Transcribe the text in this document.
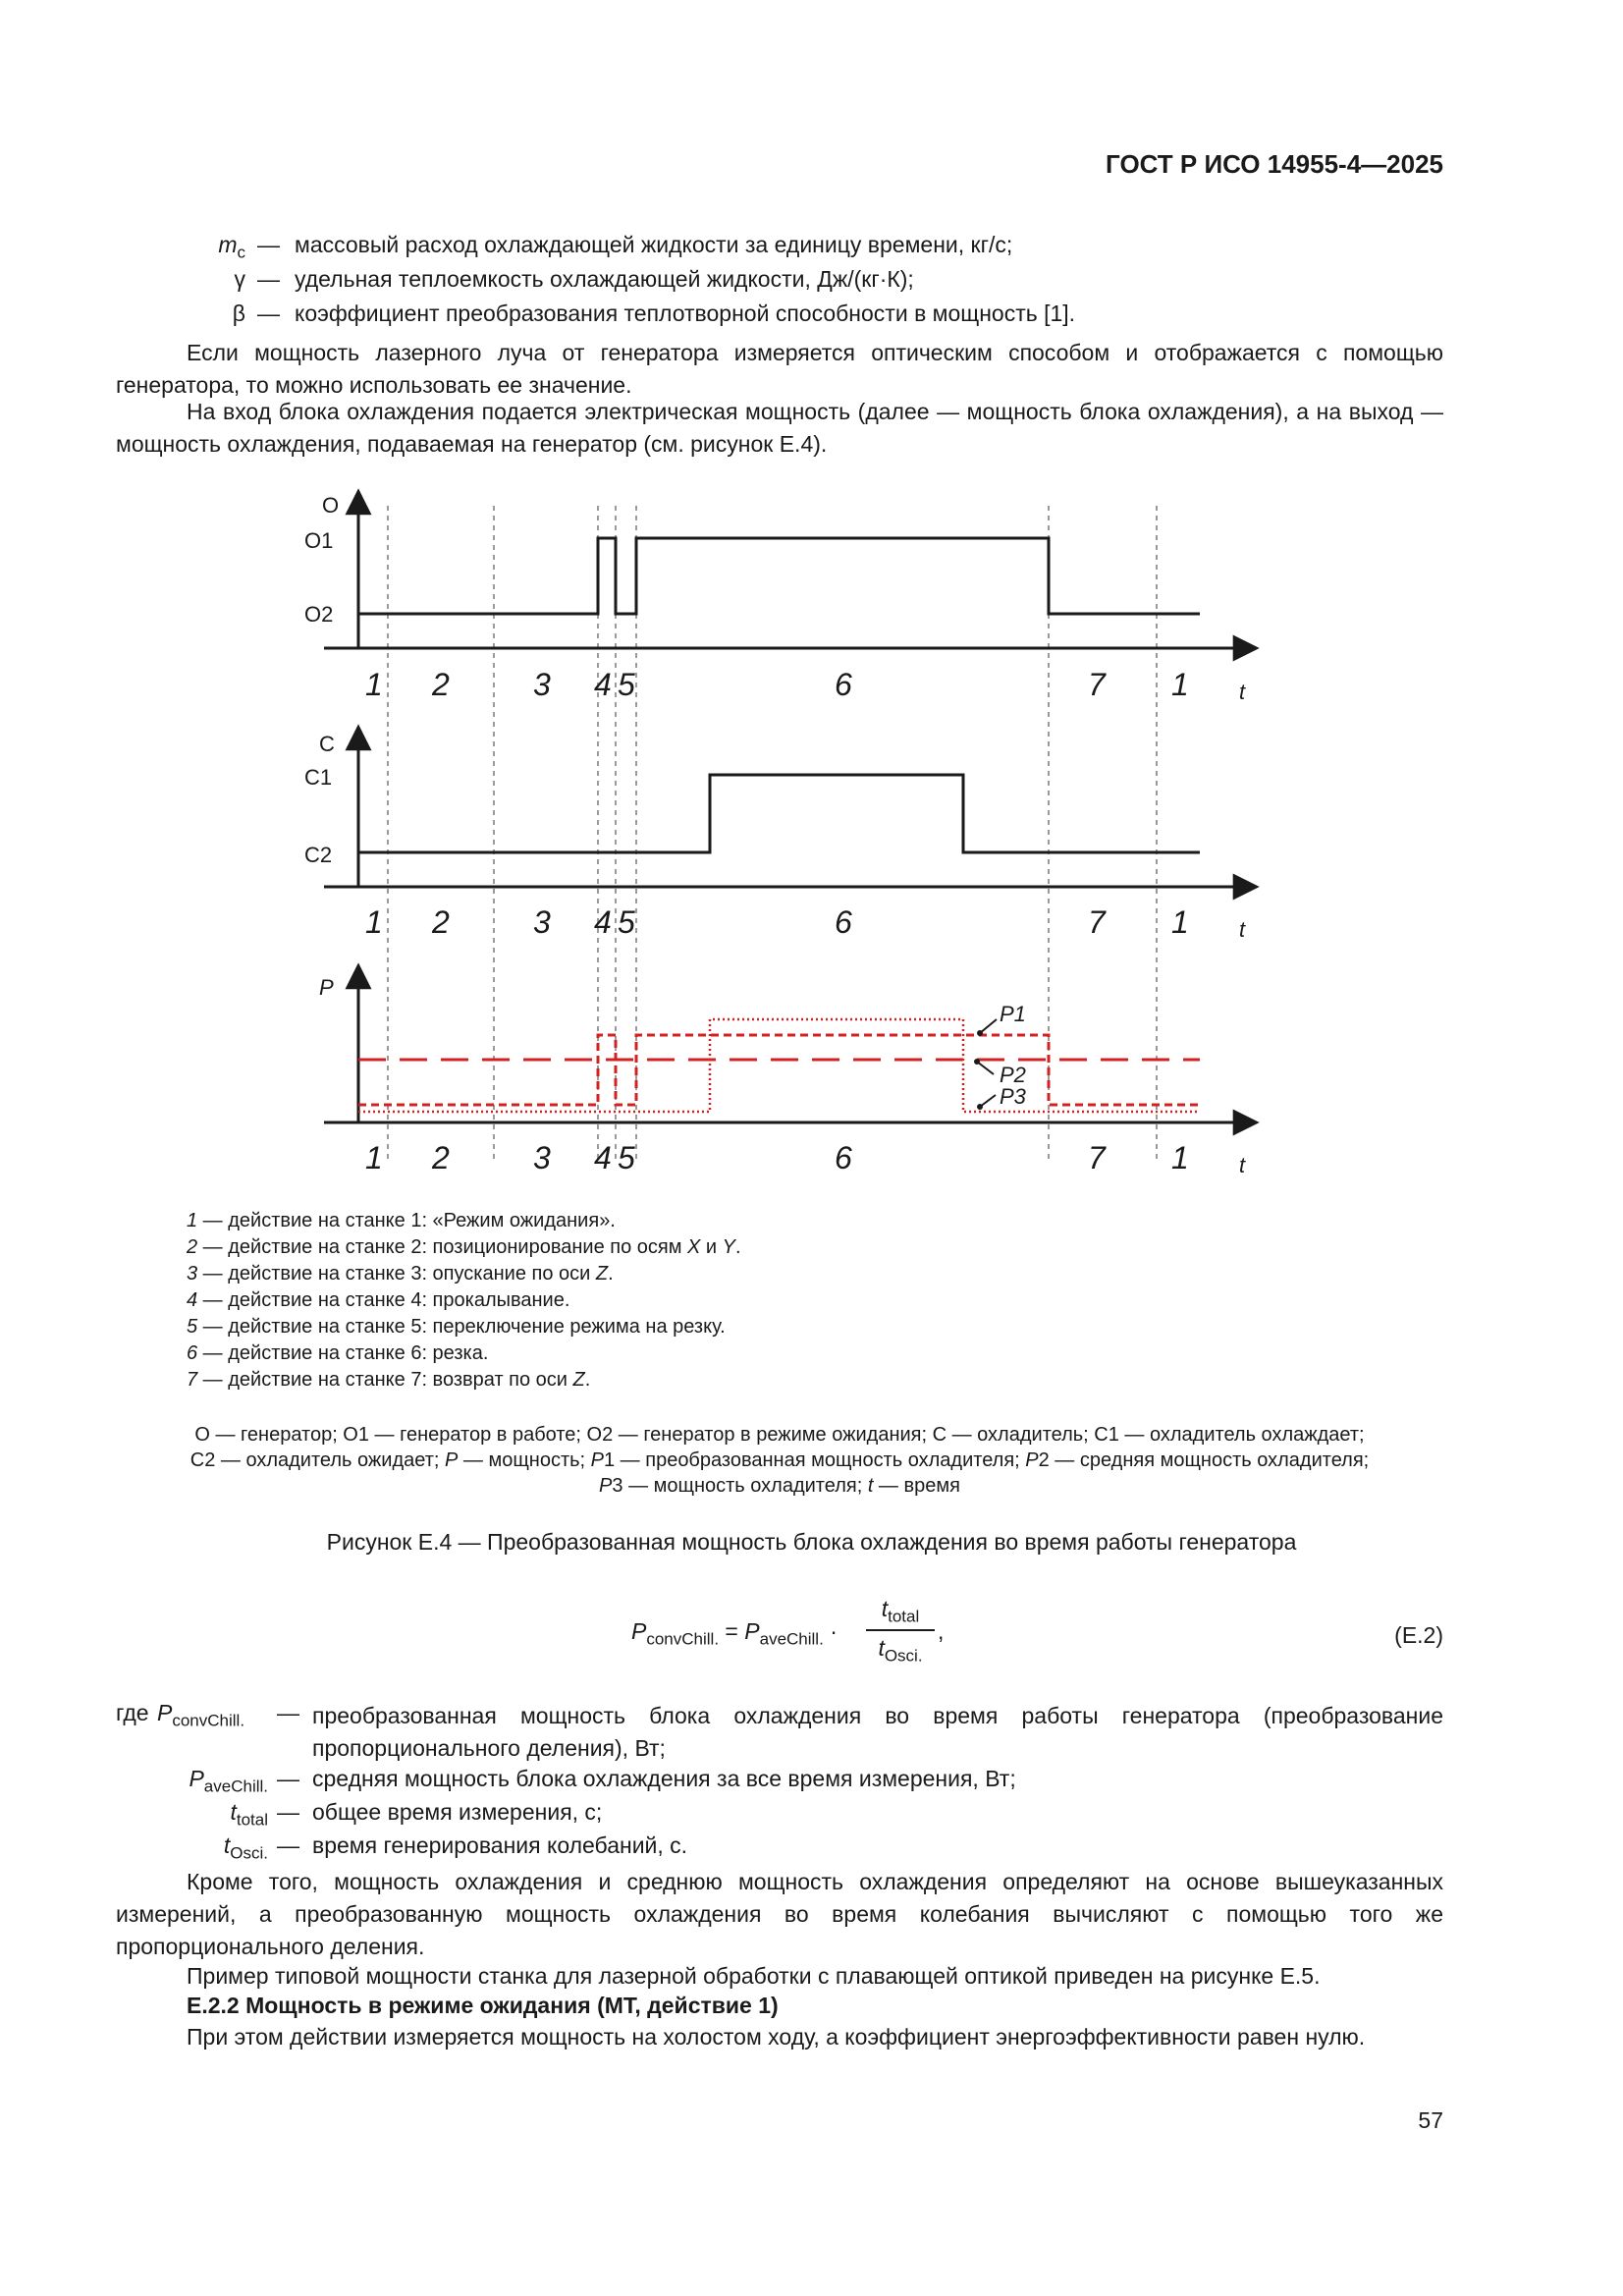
ГОСТ Р ИСО 14955-4—2025
$m_c$ — массовый расход охлаждающей жидкости за единицу времени, кг/с;
γ — удельная теплоемкость охлаждающей жидкости, Дж/(кг·К);
β — коэффициент преобразования теплотворной способности в мощность [1].
Если мощность лазерного луча от генератора измеряется оптическим способом и отображается с помощью генератора, то можно использовать ее значение.
На вход блока охлаждения подается электрическая мощность (далее — мощность блока охлаждения), а на выход — мощность охлаждения, подаваемая на генератор (см. рисунок Е.4).
O
O1
O2
1 2	3 4 5	6	7 1 t
C
C1
C2
1 2	3 4 5	6	7 1 t
P
P1
P2
P3
1 2	3 4 5	6	7 1 t
1 — действие на станке 1: «Режим ожидания».
2 — действие на станке 2: позиционирование по осям X и Y.
3 — действие на станке 3: опускание по оси Z.
4 — действие на станке 4: прокалывание.
5 — действие на станке 5: переключение режима на резку.
6 — действие на станке 6: резка.
7 — действие на станке 7: возврат по оси Z.
O — генератор; O1 — генератор в работе; O2 — генератор в режиме ожидания; C — охладитель; C1 — охладитель охлаждает;
C2 — охладитель ожидает; P — мощность; P1 — преобразованная мощность охладителя; P2 — средняя мощность охладителя;
P3 — мощность охладителя; t — время
Рисунок Е.4 — Преобразованная мощность блока охлаждения во время работы генератора
$P_{convChill.} = P_{aveChill.}$ ·
$t_{total}$
$t_{Osci.}$
,	(Е.2)
где $P_{convChill.}$ — преобразованная мощность блока охлаждения во время работы генератора (преобразование пропорционального деления), Вт;
$P_{aveChill.}$ — средняя мощность блока охлаждения за все время измерения, Вт;
$t_{total}$ — общее время измерения, с;
$t_{Osci.}$ — время генерирования колебаний, с.
Кроме того, мощность охлаждения и среднюю мощность охлаждения определяют на основе вышеуказанных измерений, а преобразованную мощность охлаждения во время колебания вычисляют с помощью того же пропорционального деления.
Пример типовой мощности станка для лазерной обработки с плавающей оптикой приведен на рисунке Е.5.
Е.2.2 Мощность в режиме ожидания (MT, действие 1)
При этом действии измеряется мощность на холостом ходу, а коэффициент энергоэффективности равен нулю.
57
